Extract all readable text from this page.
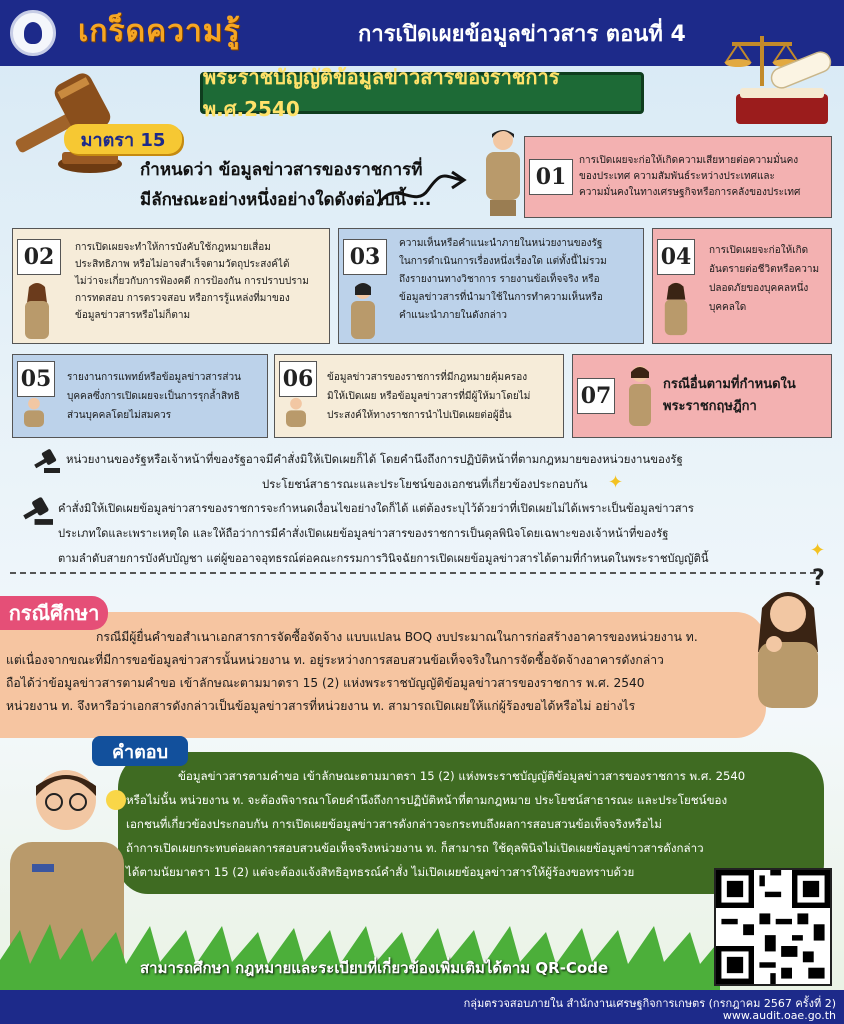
เกร็ดความรู้	การเปิดเผยข้อมูลข่าวสาร ตอนที่ 4
พระราชบัญญัติข้อมูลข่าวสารของราชการ พ.ศ.2540
มาตรา 15
กำหนดว่า ข้อมูลข่าวสารของราชการที่
มีลักษณะอย่างหนึ่งอย่างใดดังต่อไปนี้ ...
01
การเปิดเผยจะก่อให้เกิดความเสียหายต่อความมั่นคง
ของประเทศ ความสัมพันธ์ระหว่างประเทศและ
ความมั่นคงในทางเศรษฐกิจหรือการคลังของประเทศ
02	การเปิดเผยจะทำให้การบังคับใช้กฎหมายเสื่อม
ประสิทธิภาพ หรือไม่อาจสำเร็จตามวัตถุประสงค์ได้
ไม่ว่าจะเกี่ยวกับการฟ้องคดี การป้องกัน การปราบปราม
การทดสอบ การตรวจสอบ หรือการรู้แหล่งที่มาของ
ข้อมูลข่าวสารหรือไม่ก็ตาม
03
ความเห็นหรือคำแนะนำภายในหน่วยงานของรัฐ
ในการดำเนินการเรื่องหนึ่งเรื่องใด แต่ทั้งนี้ไม่รวม
ถึงรายงานทางวิชาการ รายงานข้อเท็จจริง หรือ
ข้อมูลข่าวสารที่นำมาใช้ในการทำความเห็นหรือ
คำแนะนำภายในดังกล่าว
04	การเปิดเผยจะก่อให้เกิด
อันตรายต่อชีวิตหรือความ
ปลอดภัยของบุคคลหนึ่ง
บุคคลใด
05	รายงานการแพทย์หรือข้อมูลข่าวสารส่วน
บุคคลซึ่งการเปิดเผยจะเป็นการรุกล้ำสิทธิ
ส่วนบุคคลโดยไม่สมควร
06	ข้อมูลข่าวสารของราชการที่มีกฎหมายคุ้มครอง
มิให้เปิดเผย หรือข้อมูลข่าวสารที่มีผู้ให้มาโดยไม่
ประสงค์ให้ทางราชการนำไปเปิดเผยต่อผู้อื่น
07	กรณีอื่นตามที่กำหนดใน
พระราชกฤษฎีกา
หน่วยงานของรัฐหรือเจ้าหน้าที่ของรัฐอาจมีคำสั่งมิให้เปิดเผยก็ได้ โดยคำนึงถึงการปฏิบัติหน้าที่ตามกฎหมายของหน่วยงานของรัฐ
ประโยชน์สาธารณะและประโยชน์ของเอกชนที่เกี่ยวข้องประกอบกัน ✦
คำสั่งมิให้เปิดเผยข้อมูลข่าวสารของราชการจะกำหนดเงื่อนไขอย่างใดก็ได้ แต่ต้องระบุไว้ด้วยว่าที่เปิดเผยไม่ได้เพราะเป็นข้อมูลข่าวสาร
ประเภทใดและเพราะเหตุใด และให้ถือว่าการมีคำสั่งเปิดเผยข้อมูลข่าวสารของราชการเป็นดุลพินิจโดยเฉพาะของเจ้าหน้าที่ของรัฐ
ตามลำดับสายการบังคับบัญชา แต่ผู้ขออาจอุทธรณ์ต่อคณะกรรมการวินิจฉัยการเปิดเผยข้อมูลข่าวสารได้ตามที่กำหนดในพระราชบัญญัตินี้	✦
?

กรณีมีผู้ยื่นคำขอสำเนาเอกสารการจัดซื้อจัดจ้าง แบบแปลน BOQ งบประมาณในการก่อสร้างอาคารของหน่วยงาน ท.

แต่เนื่องจากขณะที่มีการขอข้อมูลข่าวสารนั้นหน่วยงาน ท. อยู่ระหว่างการสอบสวนข้อเท็จจริงในการจัดซื้อจัดจ้างอาคารดังกล่าว

ถือได้ว่าข้อมูลข่าวสารตามคำขอ เข้าลักษณะตามมาตรา 15 (2) แห่งพระราชบัญญัติข้อมูลข่าวสารของราชการ พ.ศ. 2540

หน่วยงาน ท. จึงหารือว่าเอกสารดังกล่าวเป็นข้อมูลข่าวสารที่หน่วยงาน ท. สามารถเปิดเผยให้แก่ผู้ร้องขอได้หรือไม่ อย่างไร

กรณีศึกษา

ข้อมูลข่าวสารตามคำขอ เข้าลักษณะตามมาตรา 15 (2) แห่งพระราชบัญญัติข้อมูลข่าวสารของราชการ พ.ศ. 2540

หรือไม่นั้น หน่วยงาน ท. จะต้องพิจารณาโดยคำนึงถึงการปฏิบัติหน้าที่ตามกฎหมาย ประโยชน์สาธารณะ และประโยชน์ของ

เอกชนที่เกี่ยวข้องประกอบกัน การเปิดเผยข้อมูลข่าวสารดังกล่าวจะกระทบถึงผลการสอบสวนข้อเท็จจริงหรือไม่

ถ้าการเปิดเผยกระทบต่อผลการสอบสวนข้อเท็จจริงหน่วยงาน ท. ก็สามารถ ใช้ดุลพินิจไม่เปิดเผยข้อมูลข่าวสารดังกล่าว

ได้ตามนัยมาตรา 15 (2) แต่จะต้องแจ้งสิทธิอุทธรณ์คำสั่ง ไม่เปิดเผยข้อมูลข่าวสารให้ผู้ร้องขอทราบด้วย

คำตอบ
สามารถศึกษา กฎหมายและระเบียบที่เกี่ยวข้องเพิ่มเติมได้ตาม QR-Code
กลุ่มตรวจสอบภายใน สำนักงานเศรษฐกิจการเกษตร (กรกฎาคม 2567 ครั้งที่ 2)
www.audit.oae.go.th
